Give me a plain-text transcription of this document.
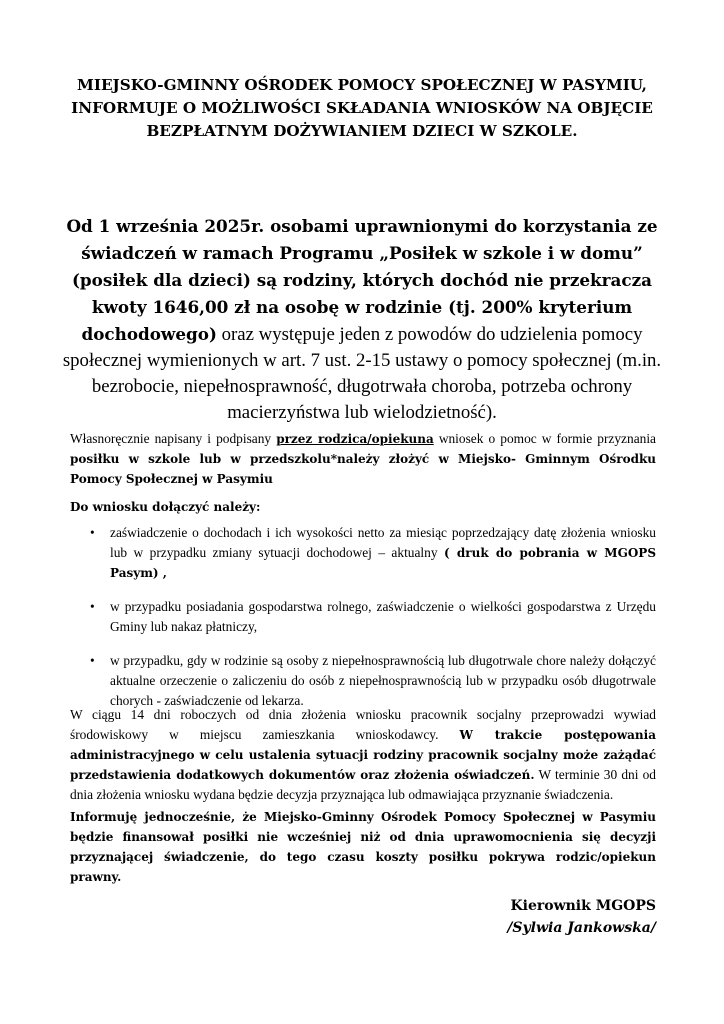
MIEJSKO-GMINNY OŚRODEK POMOCY SPOŁECZNEJ W PASYMIU, INFORMUJE O MOŻLIWOŚCI SKŁADANIA WNIOSKÓW NA OBJĘCIE BEZPŁATNYM DOŻYWIANIEM DZIECI W SZKOLE.

Od 1 września 2025r. osobami uprawnionymi do korzystania ze świadczeń w ramach Programu „Posiłek w szkole i w domu” (posiłek dla dzieci) są rodziny, których dochód nie przekracza kwoty 1646,00 zł na osobę w rodzinie (tj. 200% kryterium dochodowego) oraz występuje jeden z powodów do udzielenia pomocy społecznej wymienionych w art. 7 ust. 2-15 ustawy o pomocy społecznej (m.in. bezrobocie, niepełnosprawność, długotrwała choroba, potrzeba ochrony macierzyństwa lub wielodzietność).

Własnoręcznie napisany i podpisany przez rodzica/opiekuna wniosek o pomoc w formie przyznania posiłku w szkole lub w przedszkolu*należy złożyć w Miejsko- Gminnym Ośrodku Pomocy Społecznej w Pasymiu

Do wniosku dołączyć należy:

• zaświadczenie o dochodach i ich wysokości netto za miesiąc poprzedzający datę złożenia wniosku lub w przypadku zmiany sytuacji dochodowej – aktualny ( druk do pobrania w MGOPS Pasym) ,
• w przypadku posiadania gospodarstwa rolnego, zaświadczenie o wielkości gospodarstwa z Urzędu Gminy lub nakaz płatniczy,
• w przypadku, gdy w rodzinie są osoby z niepełnosprawnością lub długotrwale chore należy dołączyć aktualne orzeczenie o zaliczeniu do osób z niepełnosprawnością lub w przypadku osób długotrwale chorych - zaświadczenie od lekarza.

W ciągu 14 dni roboczych od dnia złożenia wniosku pracownik socjalny przeprowadzi wywiad środowiskowy w miejscu zamieszkania wnioskodawcy. W trakcie postępowania administracyjnego w celu ustalenia sytuacji rodziny pracownik socjalny może zażądać przedstawienia dodatkowych dokumentów oraz złożenia oświadczeń. W terminie 30 dni od dnia złożenia wniosku wydana będzie decyzja przyznająca lub odmawiająca przyznanie świadczenia.

Informuję jednocześnie, że Miejsko-Gminny Ośrodek Pomocy Społecznej w Pasymiu będzie finansował posiłki nie wcześniej niż od dnia uprawomocnienia się decyzji przyznającej świadczenie, do tego czasu koszty posiłku pokrywa rodzic/opiekun prawny.

Kierownik MGOPS
/Sylwia Jankowska/
